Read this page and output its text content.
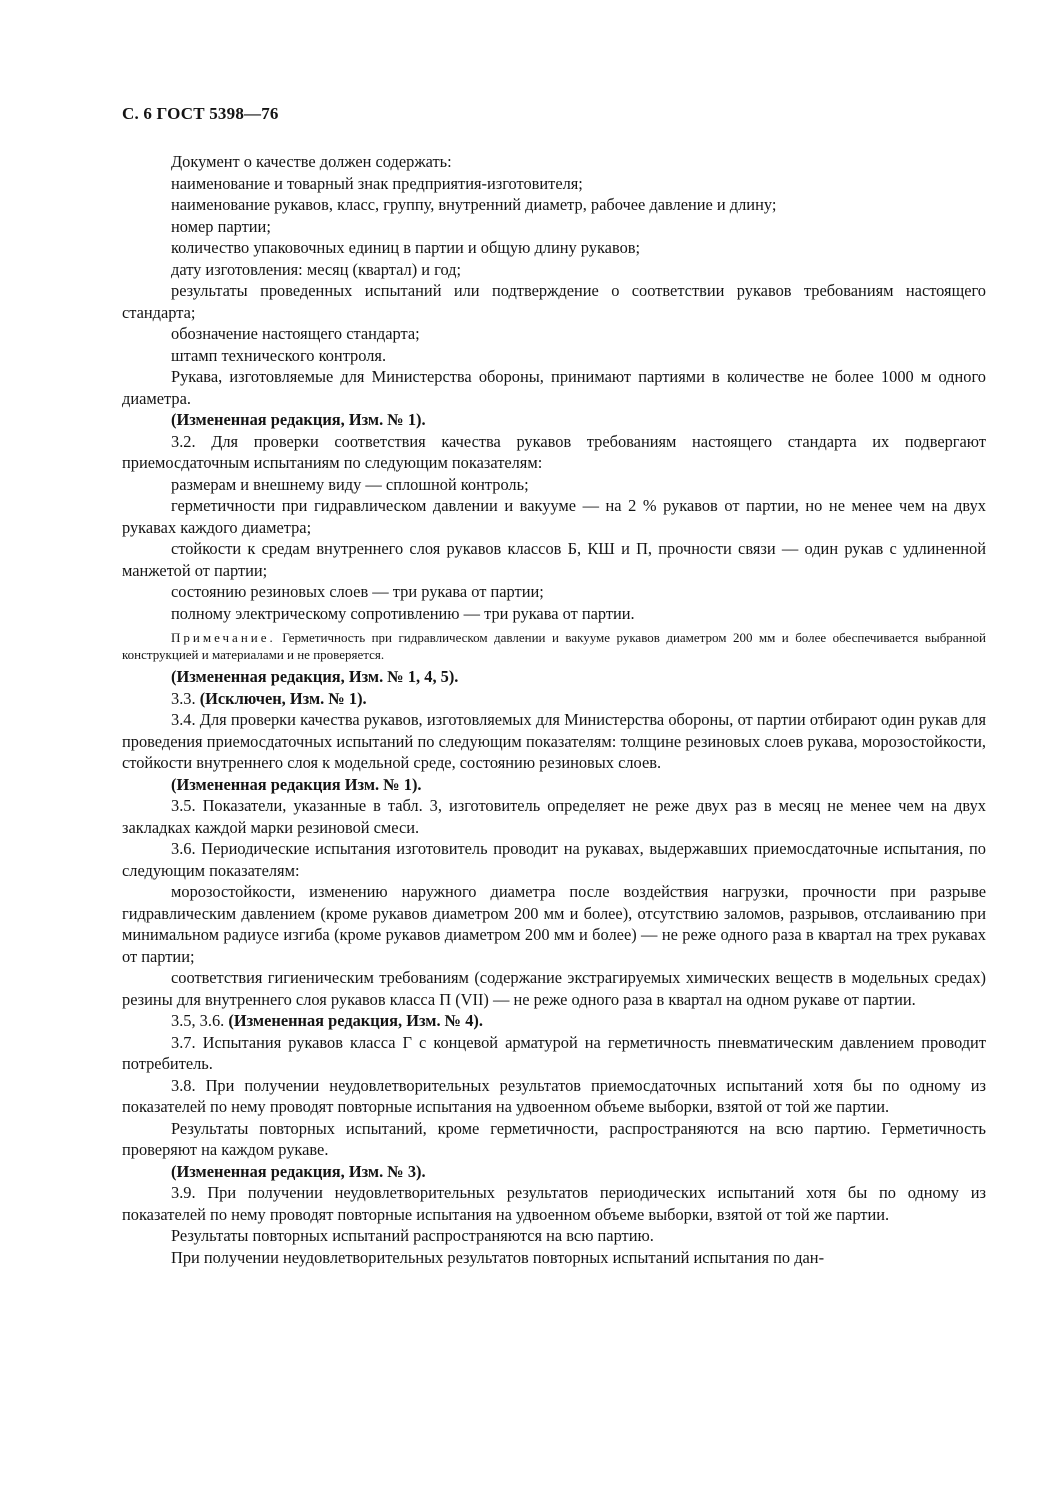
С. 6 ГОСТ 5398—76

Документ о качестве должен содержать:

наименование и товарный знак предприятия-изготовителя;

наименование рукавов, класс, группу, внутренний диаметр, рабочее давление и длину;

номер партии;

количество упаковочных единиц в партии и общую длину рукавов;

дату изготовления: месяц (квартал) и год;

результаты проведенных испытаний или подтверждение о соответствии рукавов требованиям настоящего стандарта;

обозначение настоящего стандарта;

штамп технического контроля.

Рукава, изготовляемые для Министерства обороны, принимают партиями в количестве не более 1000 м одного диаметра.

(Измененная редакция, Изм. № 1).

3.2. Для проверки соответствия качества рукавов требованиям настоящего стандарта их подвергают приемосдаточным испытаниям по следующим показателям:

размерам и внешнему виду — сплошной контроль;

герметичности при гидравлическом давлении и вакууме — на 2 % рукавов от партии, но не менее чем на двух рукавах каждого диаметра;

стойкости к средам внутреннего слоя рукавов классов Б, КШ и П, прочности связи — один рукав с удлиненной манжетой от партии;

состоянию резиновых слоев — три рукава от партии;

полному электрическому сопротивлению — три рукава от партии.

Примечание. Герметичность при гидравлическом давлении и вакууме рукавов диаметром 200 мм и более обеспечивается выбранной конструкцией и материалами и не проверяется.

(Измененная редакция, Изм. № 1, 4, 5).

3.3. (Исключен, Изм. № 1).

3.4. Для проверки качества рукавов, изготовляемых для Министерства обороны, от партии отбирают один рукав для проведения приемосдаточных испытаний по следующим показателям: толщине резиновых слоев рукава, морозостойкости, стойкости внутреннего слоя к модельной среде, состоянию резиновых слоев.

(Измененная редакция Изм. № 1).

3.5. Показатели, указанные в табл. 3, изготовитель определяет не реже двух раз в месяц не менее чем на двух закладках каждой марки резиновой смеси.

3.6. Периодические испытания изготовитель проводит на рукавах, выдержавших приемосдаточные испытания, по следующим показателям:

морозостойкости, изменению наружного диаметра после воздействия нагрузки, прочности при разрыве гидравлическим давлением (кроме рукавов диаметром 200 мм и более), отсутствию заломов, разрывов, отслаиванию при минимальном радиусе изгиба (кроме рукавов диаметром 200 мм и более) — не реже одного раза в квартал на трех рукавах от партии;

соответствия гигиеническим требованиям (содержание экстрагируемых химических веществ в модельных средах) резины для внутреннего слоя рукавов класса П (VII) — не реже одного раза в квартал на одном рукаве от партии.

3.5, 3.6. (Измененная редакция, Изм. № 4).

3.7. Испытания рукавов класса Г с концевой арматурой на герметичность пневматическим давлением проводит потребитель.

3.8. При получении неудовлетворительных результатов приемосдаточных испытаний хотя бы по одному из показателей по нему проводят повторные испытания на удвоенном объеме выборки, взятой от той же партии.

Результаты повторных испытаний, кроме герметичности, распространяются на всю партию. Герметичность проверяют на каждом рукаве.

(Измененная редакция, Изм. № 3).

3.9. При получении неудовлетворительных результатов периодических испытаний хотя бы по одному из показателей по нему проводят повторные испытания на удвоенном объеме выборки, взятой от той же партии.

Результаты повторных испытаний распространяются на всю партию.

При получении неудовлетворительных результатов повторных испытаний испытания по дан-
